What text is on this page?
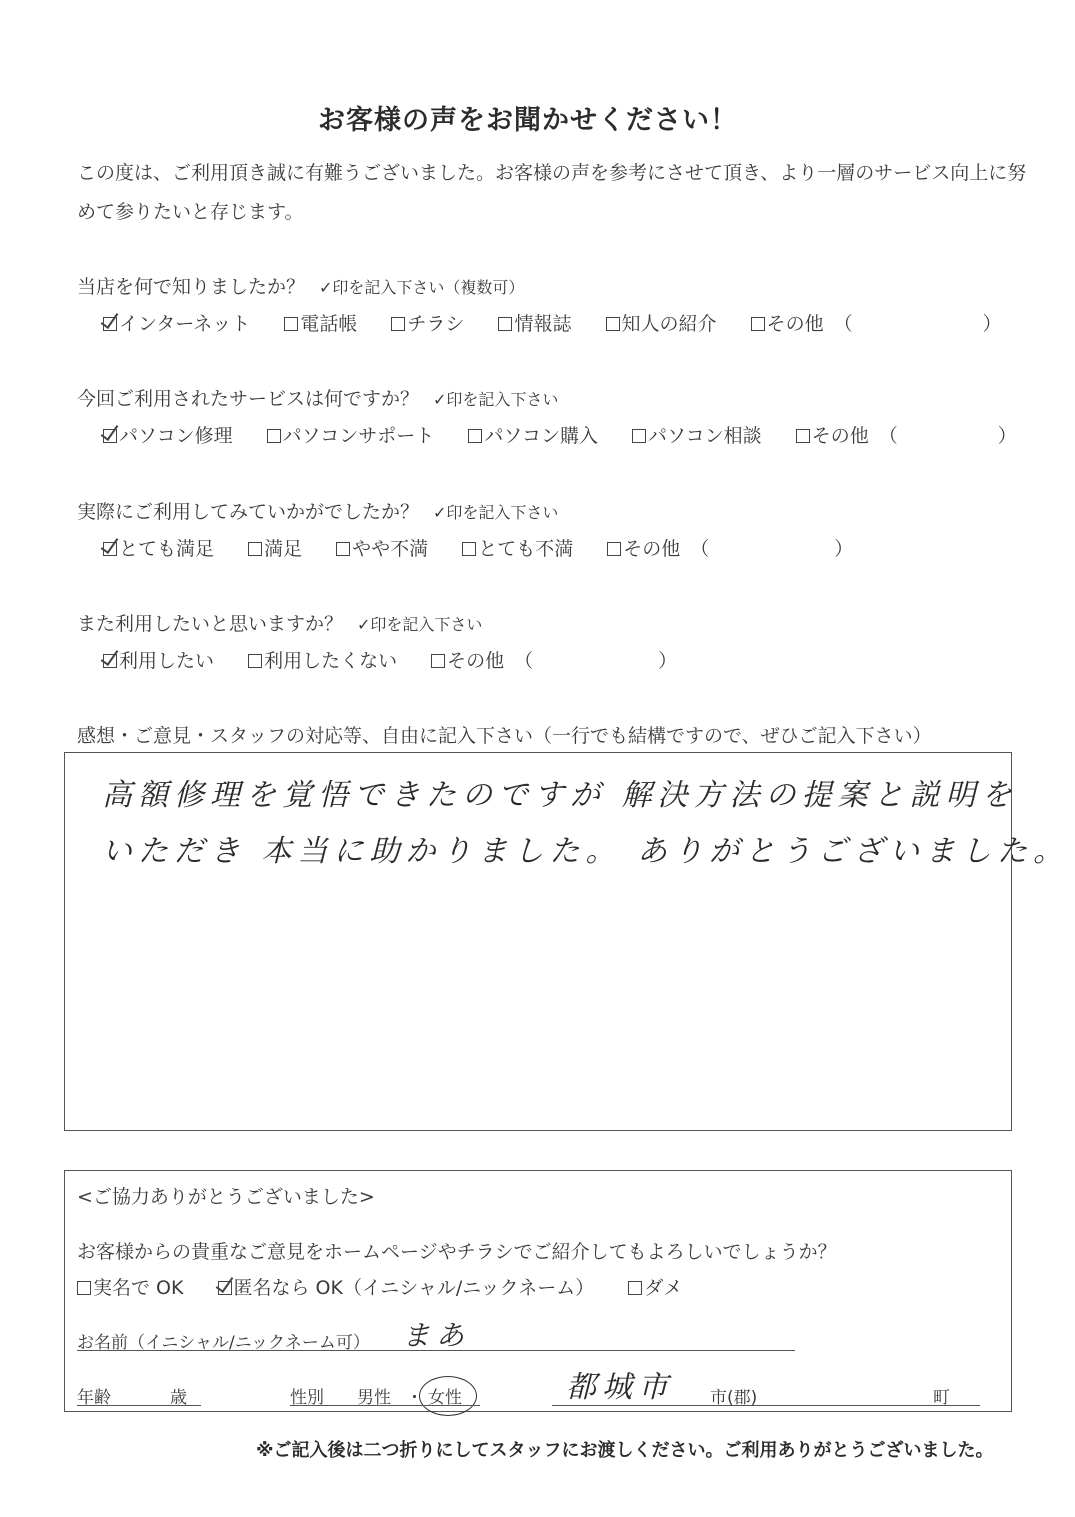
お客様の声をお聞かせください！
この度は、ご利用頂き誠に有難うございました。お客様の声を参考にさせて頂き、より一層のサービス向上に努
めて参りたいと存じます。
当店を何で知りましたか？ ✓印を記入下さい（複数可）
インターネット	電話帳	チラシ	情報誌	知人の紹介	その他 （	）
今回ご利用されたサービスは何ですか？ ✓印を記入下さい
パソコン修理	パソコンサポート	パソコン購入	パソコン相談	その他 （	）
実際にご利用してみていかがでしたか？ ✓印を記入下さい
とても満足	満足	やや不満	とても不満	その他 （	）
また利用したいと思いますか？ ✓印を記入下さい
利用したい	利用したくない	その他 （	）
感想・ご意見・スタッフの対応等、自由に記入下さい（一行でも結構ですので、ぜひご記入下さい）
高額修理を覚悟できたのですが 解決方法の提案と説明を
いただき 本当に助かりました。 ありがとうございました。
<ご協力ありがとうございました>
お客様からの貴重なご意見をホームページやチラシでご紹介してもよろしいでしょうか？
実名で OK	匿名なら OK（イニシャル/ニックネーム）	ダメ
お名前（イニシャル/ニックネーム可） まあ
年齢	歳	性別 男性 ・ 女性	都城市 市(郡)	町
※ご記入後は二つ折りにしてスタッフにお渡しください。ご利用ありがとうございました。
